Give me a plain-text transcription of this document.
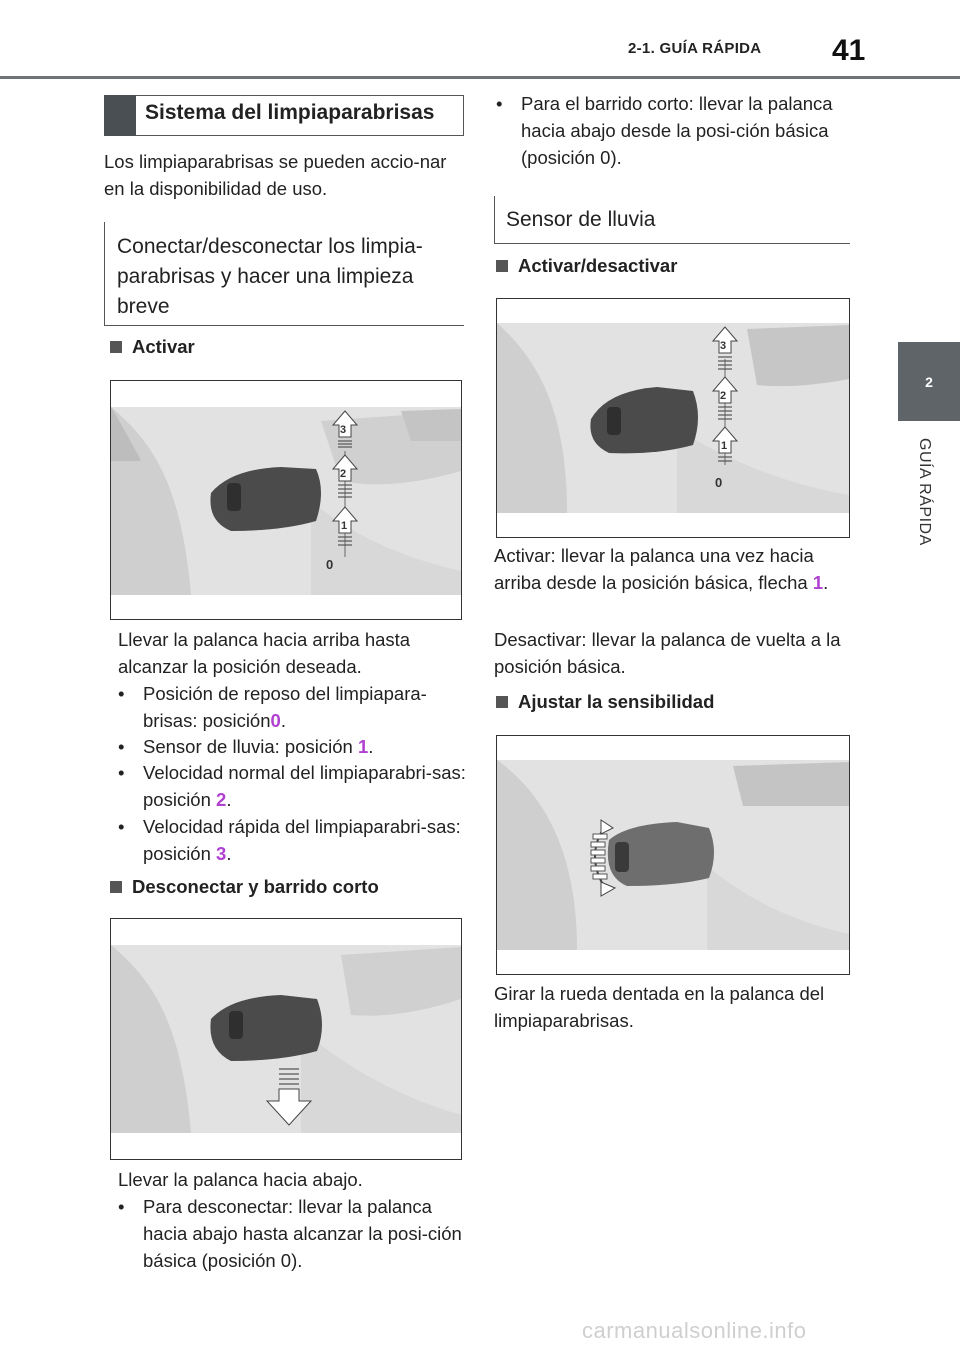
2-1. GUÍA RÁPIDA 41
2
GUÍA RÁPIDA
Sistema del limpiaparabrisas
Los limpiaparabrisas se pueden accio-nar en la disponibilidad de uso.
Conectar/desconectar los limpia-parabrisas y hacer una limpieza breve
Activar
3
2
1
0
Llevar la palanca hacia arriba hasta alcanzar la posición deseada.
• Posición de reposo del limpiapara-brisas: posición0.
• Sensor de lluvia: posición 1.
• Velocidad normal del limpiaparabri-sas: posición 2.
• Velocidad rápida del limpiaparabri-sas: posición 3.
Desconectar y barrido corto
Llevar la palanca hacia abajo.
• Para desconectar: llevar la palanca hacia abajo hasta alcanzar la posi-ción básica (posición 0).
• Para el barrido corto: llevar la palanca hacia abajo desde la posi-ción básica (posición 0).
Sensor de lluvia
Activar/desactivar
3
2
1
0
Activar: llevar la palanca una vez hacia arriba desde la posición básica, flecha 1.
Desactivar: llevar la palanca de vuelta a la posición básica.
Ajustar la sensibilidad
Girar la rueda dentada en la palanca del limpiaparabrisas.
carmanualsonline.info
